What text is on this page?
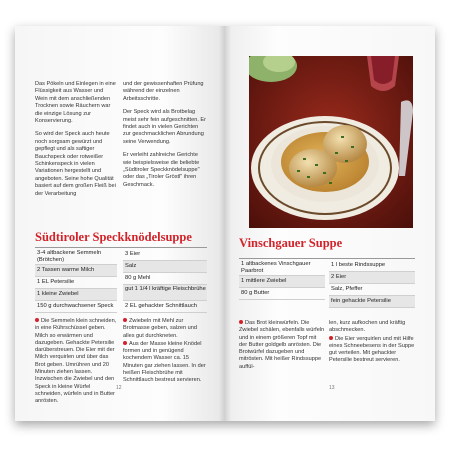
Das Pökeln und Einlegen in eine Flüssigkeit aus Wasser und Wein mit dem anschließenden Trocknen sowie Räuchern war die einzige Lösung zur Konservierung.

So wird der Speck auch heute noch sorgsam gewürzt und gepflegt und als saftiger Bauchspeck oder rotweißer Schinkenspeck in vielen Variationen hergestellt und angeboten. Seine hohe Qualität basiert auf dem großen Fleiß bei der Verarbeitung

und der gewissenhaften Prüfung während der einzelnen Arbeitsschritte.

Der Speck wird als Brotbelag meist sehr fein aufgeschnitten. Er findet auch in vielen Gerichten zur geschmacklichen Abrundung seine Verwendung.

Er verleiht zahlreiche Gerichte wie beispielsweise die beliebte „Südtiroler Speckknödelsuppe" oder das „Tiroler Gröstl" ihren Geschmack.

Südtiroler Speckknödelsuppe
3-4 altbackene Semmeln (Brötchen)
2 Tassen warme Milch
1 EL Petersilie
1 kleine Zwiebel
150 g durchwachsener Speck
3 Eier
Salz
80 g Mehl
gut 1 1/4 l kräftige Fleischbrühe
2 EL gehackter Schnittlauch
Die Semmeln klein schneiden, in eine Rührschüssel geben. Milch so erwärmen und dazugeben. Gehackte Petersilie darüberstreuen. Die Eier mit der Milch verquirlen und über das Brot geben. Umrühren und 20 Minuten ziehen lassen. Inzwischen die Zwiebel und den Speck in kleine Würfel schneiden, würfeln und in Butter anrösten.
Zwiebeln mit Mehl zur Brotmasse geben, salzen und alles gut durchkneten.
Aus der Masse kleine Knödel formen und in genügend kochendem Wasser ca. 15 Minuten gar ziehen lassen. In der heißen Fleischbrühe mit Schnittlauch bestreut servieren.
12
Vinschgauer Suppe
1 altbackenes Vinschgauer Paarbrot
1 mittlere Zwiebel
80 g Butter
1 l beste Rindssuppe
2 Eier
Salz, Pfeffer
fein gehackte Petersilie
Das Brot kleinwürfeln. Die Zwiebel schälen, ebenfalls würfeln und in einem größeren Topf mit der Butter goldgelb anrösten. Die Brotwürfel dazugeben und mitrösten. Mit heißer Rindssuppe auffül-
len, kurz aufkochen und kräftig abschmecken.
Die Eier verquirlen und mit Hilfe eines Schneebesens in der Suppe gut verteilen. Mit gehackter Petersilie bestreut servieren.
13
